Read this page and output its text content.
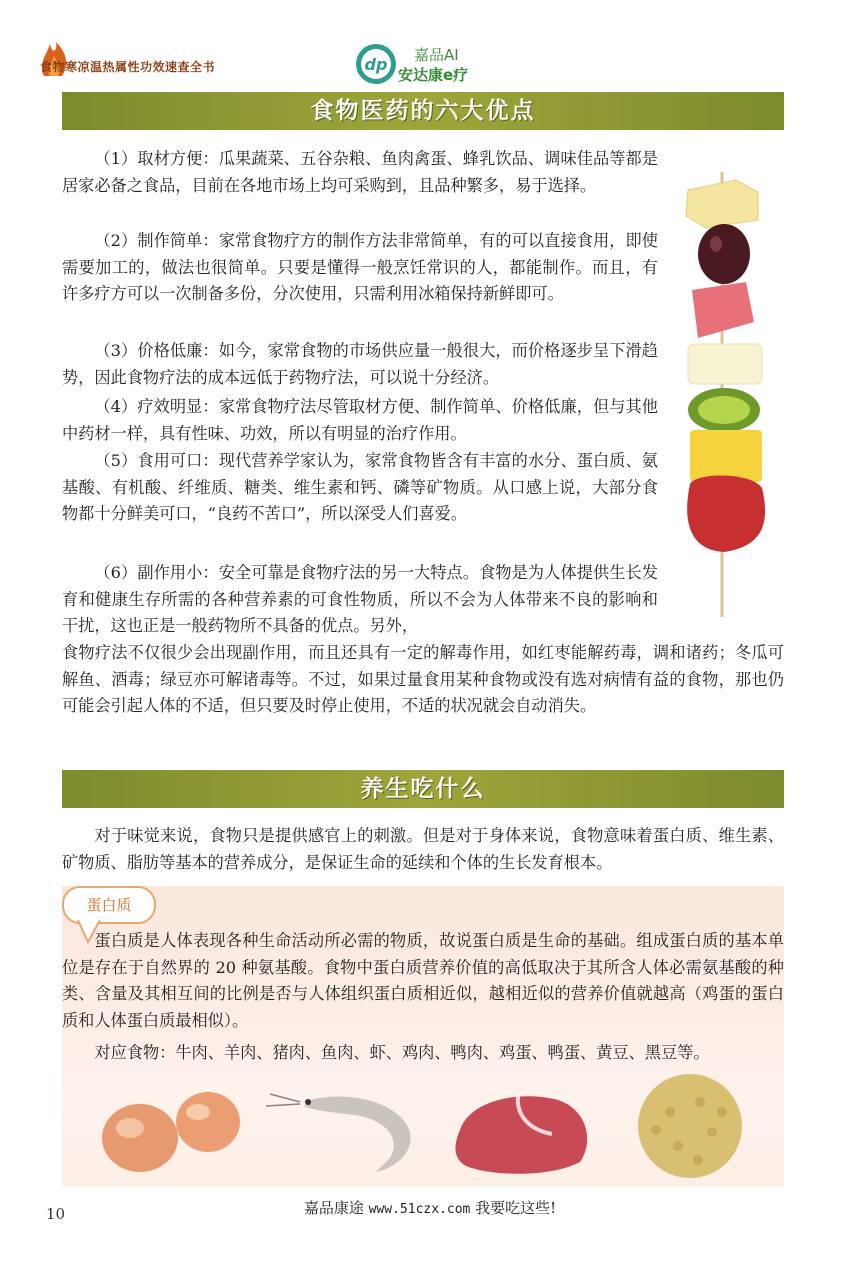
食物寒凉温热属性功效速查全书	dp 嘉品AI
安达康e疗
食物医药的六大优点

（1）取材方便：瓜果蔬菜、五谷杂粮、鱼肉禽蛋、蜂乳饮品、调味佳品等都是居家必备之食品，目前在各地市场上均可采购到，且品种繁多，易于选择。

（2）制作简单：家常食物疗方的制作方法非常简单，有的可以直接食用，即使需要加工的，做法也很简单。只要是懂得一般烹饪常识的人，都能制作。而且，有许多疗方可以一次制备多份，分次使用，只需利用冰箱保持新鲜即可。

（3）价格低廉：如今，家常食物的市场供应量一般很大，而价格逐步呈下滑趋势，因此食物疗法的成本远低于药物疗法，可以说十分经济。

（4）疗效明显：家常食物疗法尽管取材方便、制作简单、价格低廉，但与其他中药材一样，具有性味、功效，所以有明显的治疗作用。

（5）食用可口：现代营养学家认为，家常食物皆含有丰富的水分、蛋白质、氨基酸、有机酸、纤维质、糖类、维生素和钙、磷等矿物质。从口感上说，大部分食物都十分鲜美可口，“良药不苦口”，所以深受人们喜爱。

（6）副作用小：安全可靠是食物疗法的另一大特点。食物是为人体提供生长发育和健康生存所需的各种营养素的可食性物质，所以不会为人体带来不良的影响和干扰，这也正是一般药物所不具备的优点。另外，

食物疗法不仅很少会出现副作用，而且还具有一定的解毒作用，如红枣能解药毒，调和诸药；冬瓜可解鱼、酒毒；绿豆亦可解诸毒等。不过，如果过量食用某种食物或没有选对病情有益的食物，那也仍可能会引起人体的不适，但只要及时停止使用，不适的状况就会自动消失。

养生吃什么

对于味觉来说，食物只是提供感官上的刺激。但是对于身体来说，食物意味着蛋白质、维生素、矿物质、脂肪等基本的营养成分，是保证生命的延续和个体的生长发育根本。

蛋白质

蛋白质是人体表现各种生命活动所必需的物质，故说蛋白质是生命的基础。组成蛋白质的基本单位是存在于自然界的 20 种氨基酸。食物中蛋白质营养价值的高低取决于其所含人体必需氨基酸的种类、含量及其相互间的比例是否与人体组织蛋白质相近似，越相近似的营养价值就越高（鸡蛋的蛋白质和人体蛋白质最相似）。

对应食物：牛肉、羊肉、猪肉、鱼肉、虾、鸡肉、鸭肉、鸡蛋、鸭蛋、黄豆、黑豆等。

10	嘉品康途 www.51czx.com 我要吃这些!
